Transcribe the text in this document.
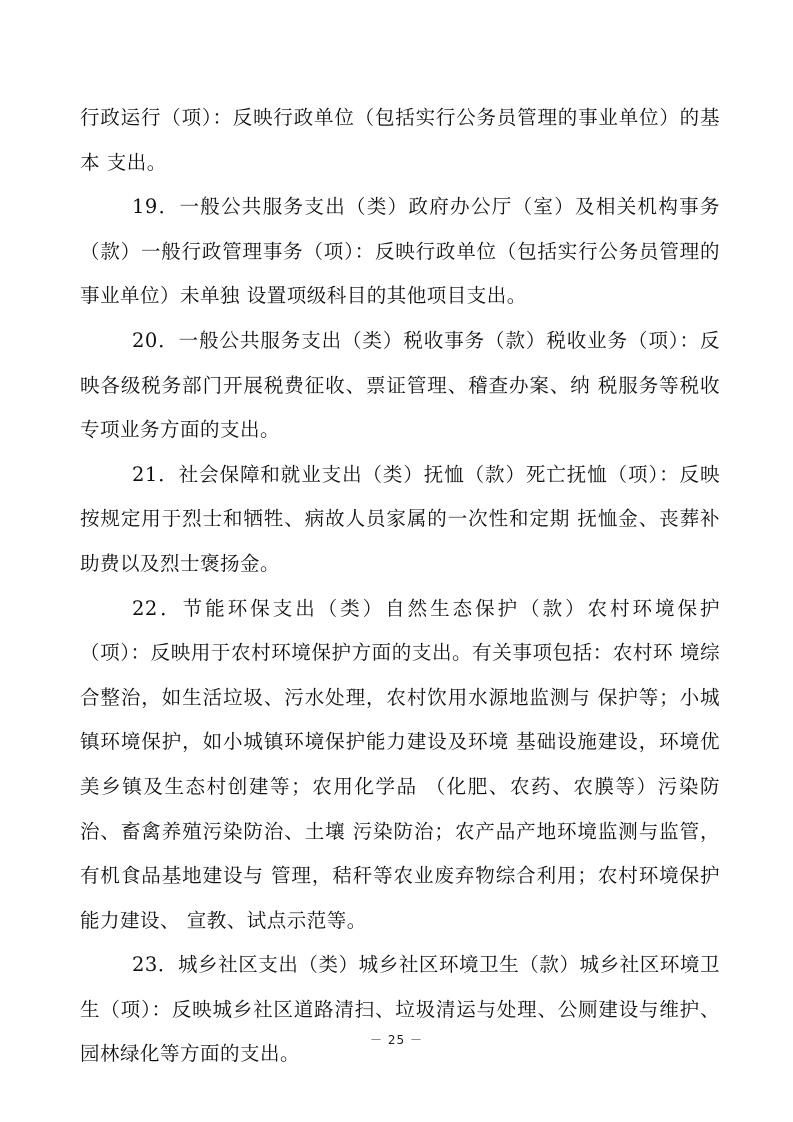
行政运行（项）：反映行政单位（包括实行公务员管理的事业单位）的基本 支出。

19．一般公共服务支出（类）政府办公厅（室）及相关机构事务（款）一般行政管理事务（项）：反映行政单位（包括实行公务员管理的事业单位）未单独 设置项级科目的其他项目支出。

20．一般公共服务支出（类）税收事务（款）税收业务（项）：反映各级税务部门开展税费征收、票证管理、稽查办案、纳 税服务等税收专项业务方面的支出。

21．社会保障和就业支出（类）抚恤（款）死亡抚恤（项）：反映按规定用于烈士和牺牲、病故人员家属的一次性和定期 抚恤金、丧葬补助费以及烈士褒扬金。

22．节能环保支出（类）自然生态保护（款）农村环境保护（项）：反映用于农村环境保护方面的支出。有关事项包括：农村环 境综合整治，如生活垃圾、污水处理，农村饮用水源地监测与 保护等；小城镇环境保护，如小城镇环境保护能力建设及环境 基础设施建设，环境优美乡镇及生态村创建等；农用化学品 （化肥、农药、农膜等）污染防治、畜禽养殖污染防治、土壤 污染防治；农产品产地环境监测与监管，有机食品基地建设与 管理，秸秆等农业废弃物综合利用；农村环境保护能力建设、 宣教、试点示范等。

23．城乡社区支出（类）城乡社区环境卫生（款）城乡社区环境卫生（项）：反映城乡社区道路清扫、垃圾清运与处理、公厕建设与维护、园林绿化等方面的支出。

－ 25 －
